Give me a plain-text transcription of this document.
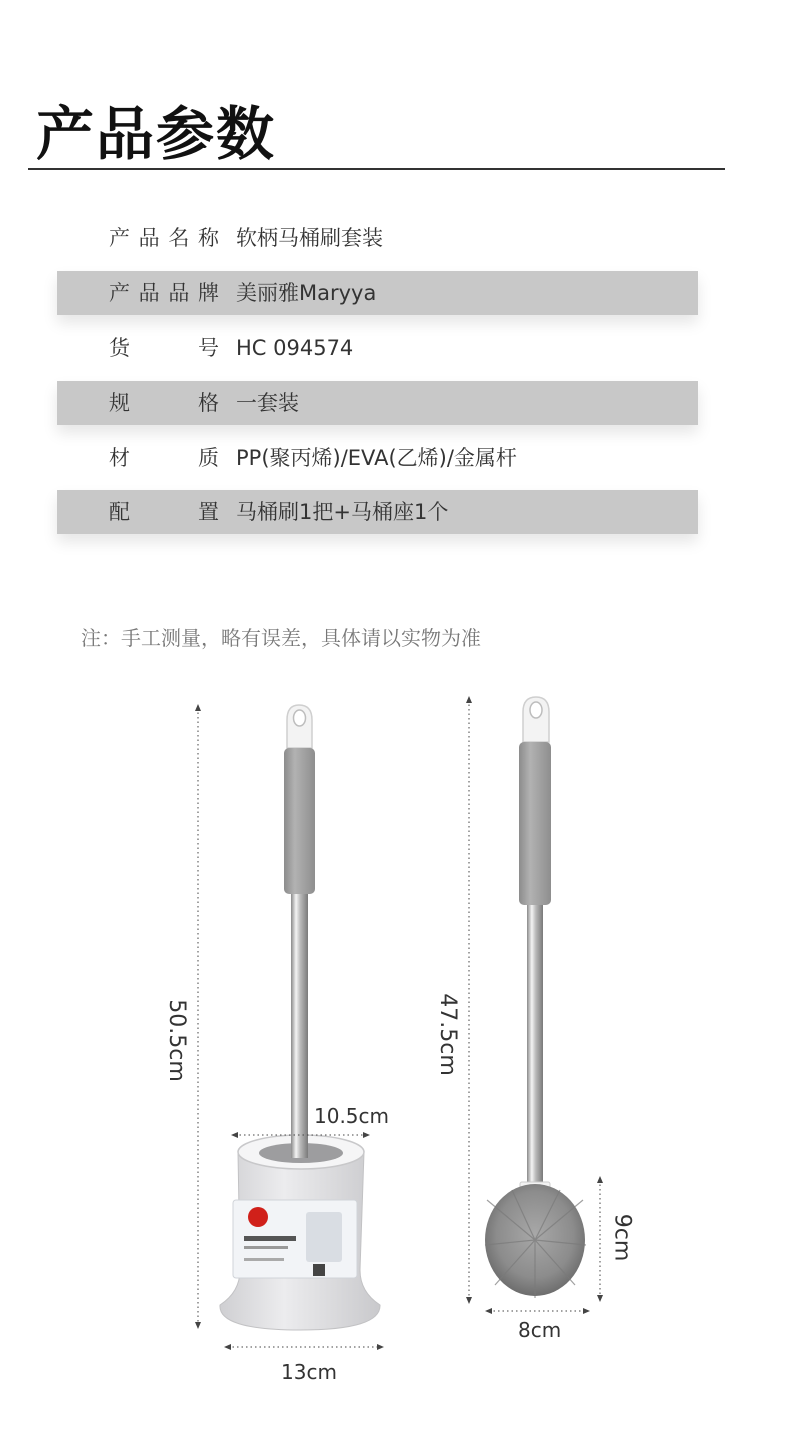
产品参数
产 品 名 称 软柄马桶刷套装
产 品 品 牌 美丽雅Maryya
货	号 HC 094574
规	格 一套装
材	质 PP(聚丙烯)/EVA(乙烯)/金属杆
配	置 马桶刷1把+马桶座1个
注：手工测量，略有误差，具体请以实物为准
50.5cm
10.5cm
13cm
47.5cm
9cm
8cm
